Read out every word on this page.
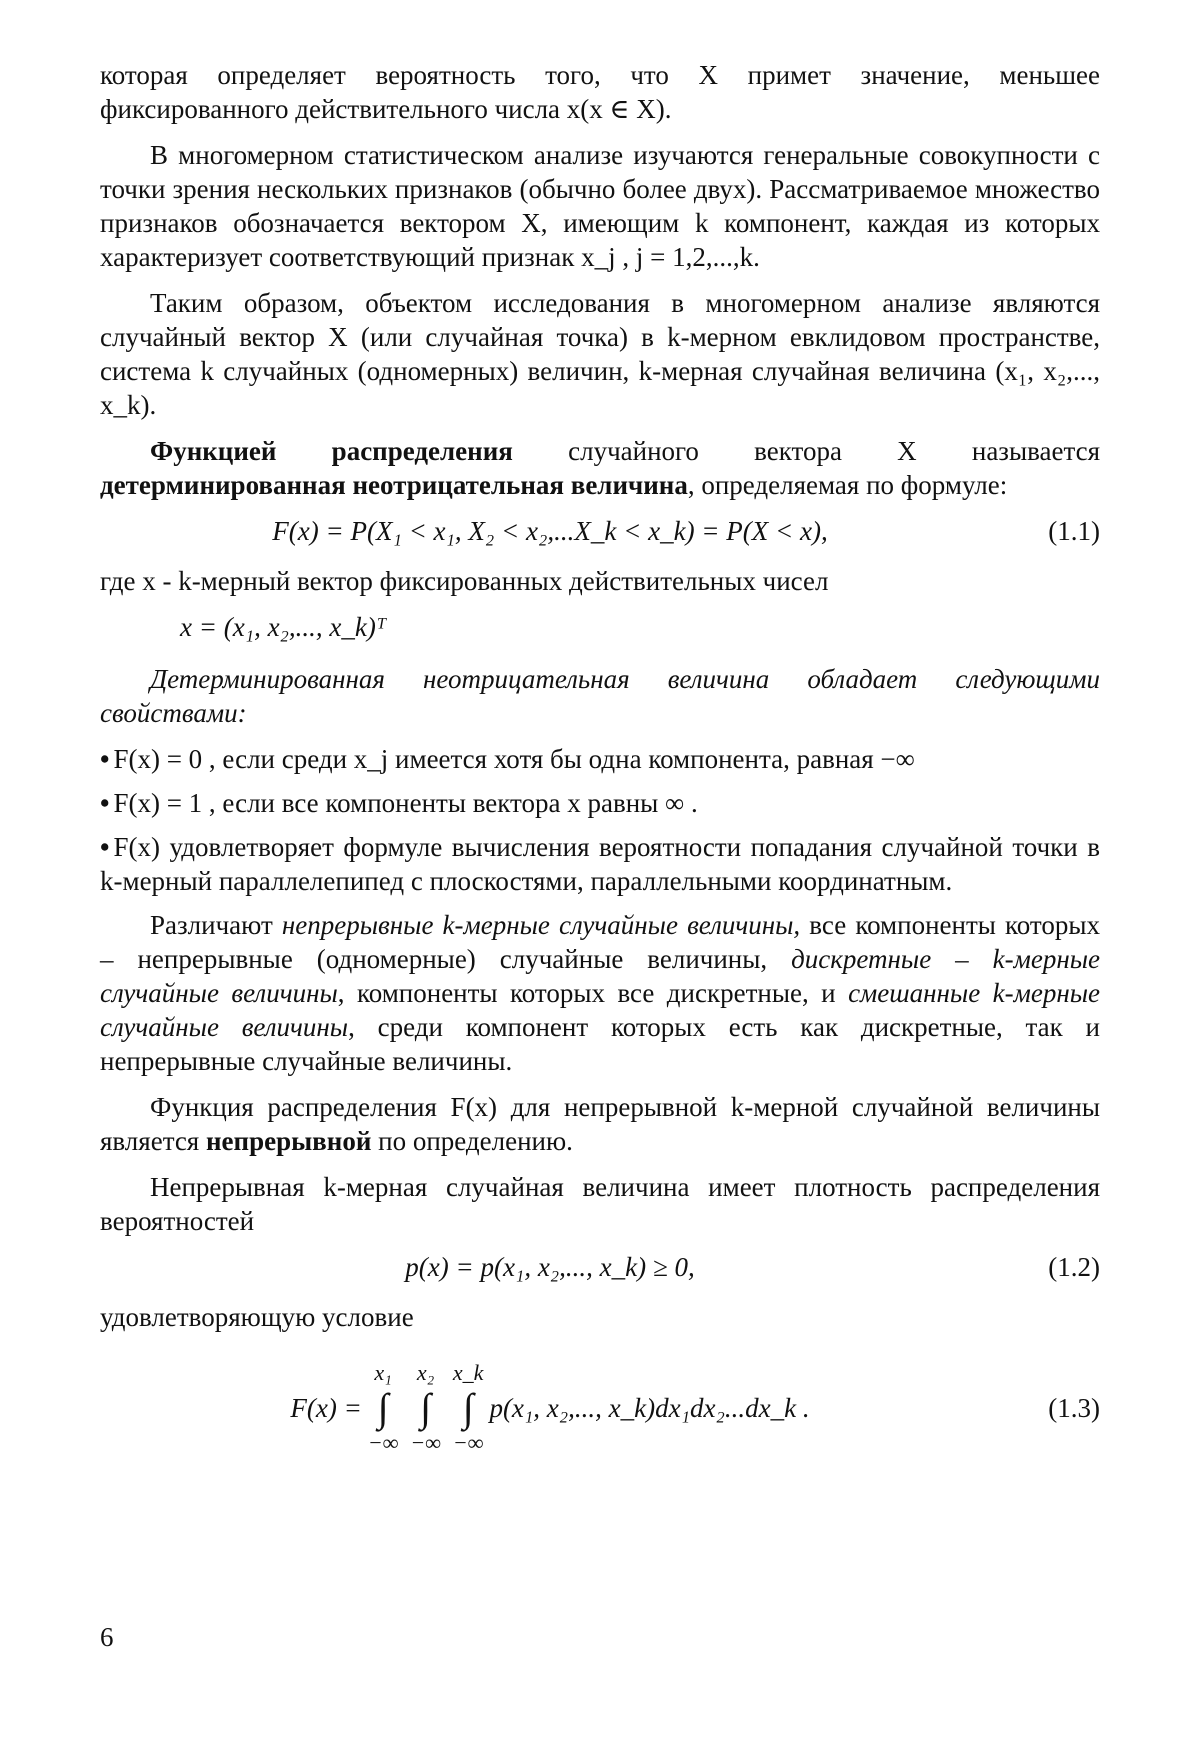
которая определяет вероятность того, что X примет значение, меньшее фиксированного действительного числа x(x ∈ X).

В многомерном статистическом анализе изучаются генеральные совокупности с точки зрения нескольких признаков (обычно более двух). Рассматриваемое множество признаков обозначается вектором X, имеющим k компонент, каждая из которых характеризует соответствующий признак x_j , j = 1,2,...,k.

Таким образом, объектом исследования в многомерном анализе являются случайный вектор X (или случайная точка) в k-мерном евклидовом пространстве, система k случайных (одномерных) величин, k-мерная случайная величина (x₁, x₂,..., x_k).

Функцией распределения случайного вектора X называется детерминированная неотрицательная величина, определяемая по формуле:

F(x) = P(X₁ < x₁, X₂ < x₂,...X_k < x_k) = P(X < x),	(1.1)

где x - k-мерный вектор фиксированных действительных чисел

x = (x₁, x₂,..., x_k)ᵀ

Детерминированная неотрицательная величина обладает следующими свойствами:

• F(x) = 0 , если среди x_j имеется хотя бы одна компонента, равная −∞
• F(x) = 1 , если все компоненты вектора x равны ∞ .
• F(x) удовлетворяет формуле вычисления вероятности попадания случайной точки в k-мерный параллелепипед с плоскостями, параллельными координатным.

Различают непрерывные k-мерные случайные величины, все компоненты которых – непрерывные (одномерные) случайные величины, дискретные – k-мерные случайные величины, компоненты которых все дискретные, и смешанные k-мерные случайные величины, среди компонент которых есть как дискретные, так и непрерывные случайные величины.

Функция распределения F(x) для непрерывной k-мерной случайной величины является непрерывной по определению.

Непрерывная k-мерная случайная величина имеет плотность распределения вероятностей

p(x) = p(x₁, x₂,..., x_k) ≥ 0,	(1.2)

удовлетворяющую условие

F(x) =
x₁
∫
−∞
x₂
∫
−∞
x_k
∫
−∞
p(x₁, x₂,..., x_k)dx₁dx₂...dx_k .	(1.3)
6
